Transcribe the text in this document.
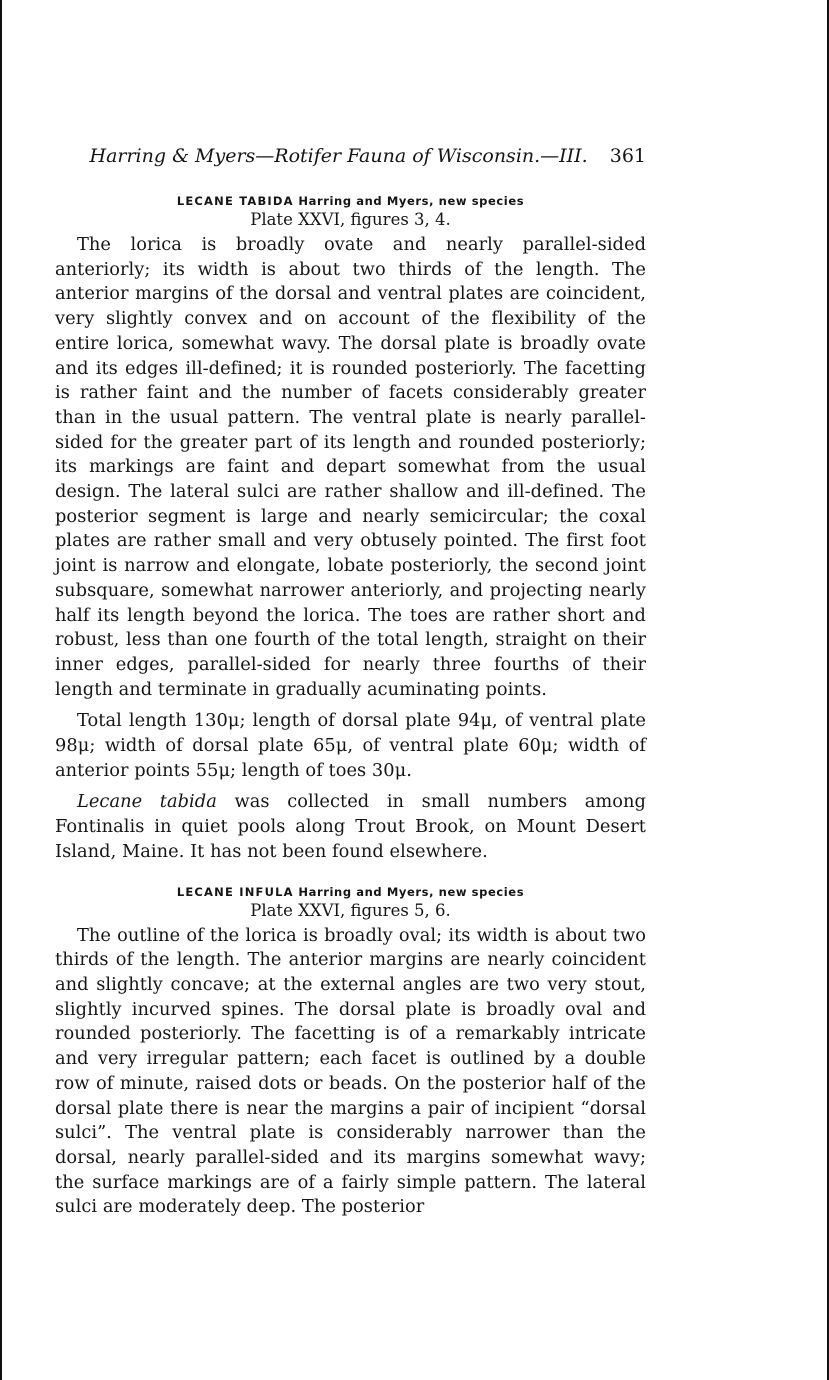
Harring & Myers—Rotifer Fauna of Wisconsin.—III. 361
LECANE TABIDA Harring and Myers, new species
Plate XXVI, figures 3, 4.

The lorica is broadly ovate and nearly parallel-sided anteriorly; its width is about two thirds of the length. The anterior margins of the dorsal and ventral plates are coincident, very slightly convex and on account of the flexibility of the entire lorica, somewhat wavy. The dorsal plate is broadly ovate and its edges ill-defined; it is rounded posteriorly. The facetting is rather faint and the number of facets considerably greater than in the usual pattern. The ventral plate is nearly parallel-sided for the greater part of its length and rounded posteriorly; its markings are faint and depart somewhat from the usual design. The lateral sulci are rather shallow and ill-defined. The posterior segment is large and nearly semicircular; the coxal plates are rather small and very obtusely pointed. The first foot joint is narrow and elongate, lobate posteriorly, the second joint subsquare, somewhat narrower anteriorly, and projecting nearly half its length beyond the lorica. The toes are rather short and robust, less than one fourth of the total length, straight on their inner edges, parallel-sided for nearly three fourths of their length and terminate in gradually acuminating points.

Total length 130μ; length of dorsal plate 94μ, of ventral plate 98μ; width of dorsal plate 65μ, of ventral plate 60μ; width of anterior points 55μ; length of toes 30μ.

Lecane tabida was collected in small numbers among Fontinalis in quiet pools along Trout Brook, on Mount Desert Island, Maine. It has not been found elsewhere.

LECANE INFULA Harring and Myers, new species
Plate XXVI, figures 5, 6.

The outline of the lorica is broadly oval; its width is about two thirds of the length. The anterior margins are nearly coincident and slightly concave; at the external angles are two very stout, slightly incurved spines. The dorsal plate is broadly oval and rounded posteriorly. The facetting is of a remarkably intricate and very irregular pattern; each facet is outlined by a double row of minute, raised dots or beads. On the posterior half of the dorsal plate there is near the margins a pair of incipient “dorsal sulci”. The ventral plate is considerably narrower than the dorsal, nearly parallel-sided and its margins somewhat wavy; the surface markings are of a fairly simple pattern. The lateral sulci are moderately deep. The posterior
